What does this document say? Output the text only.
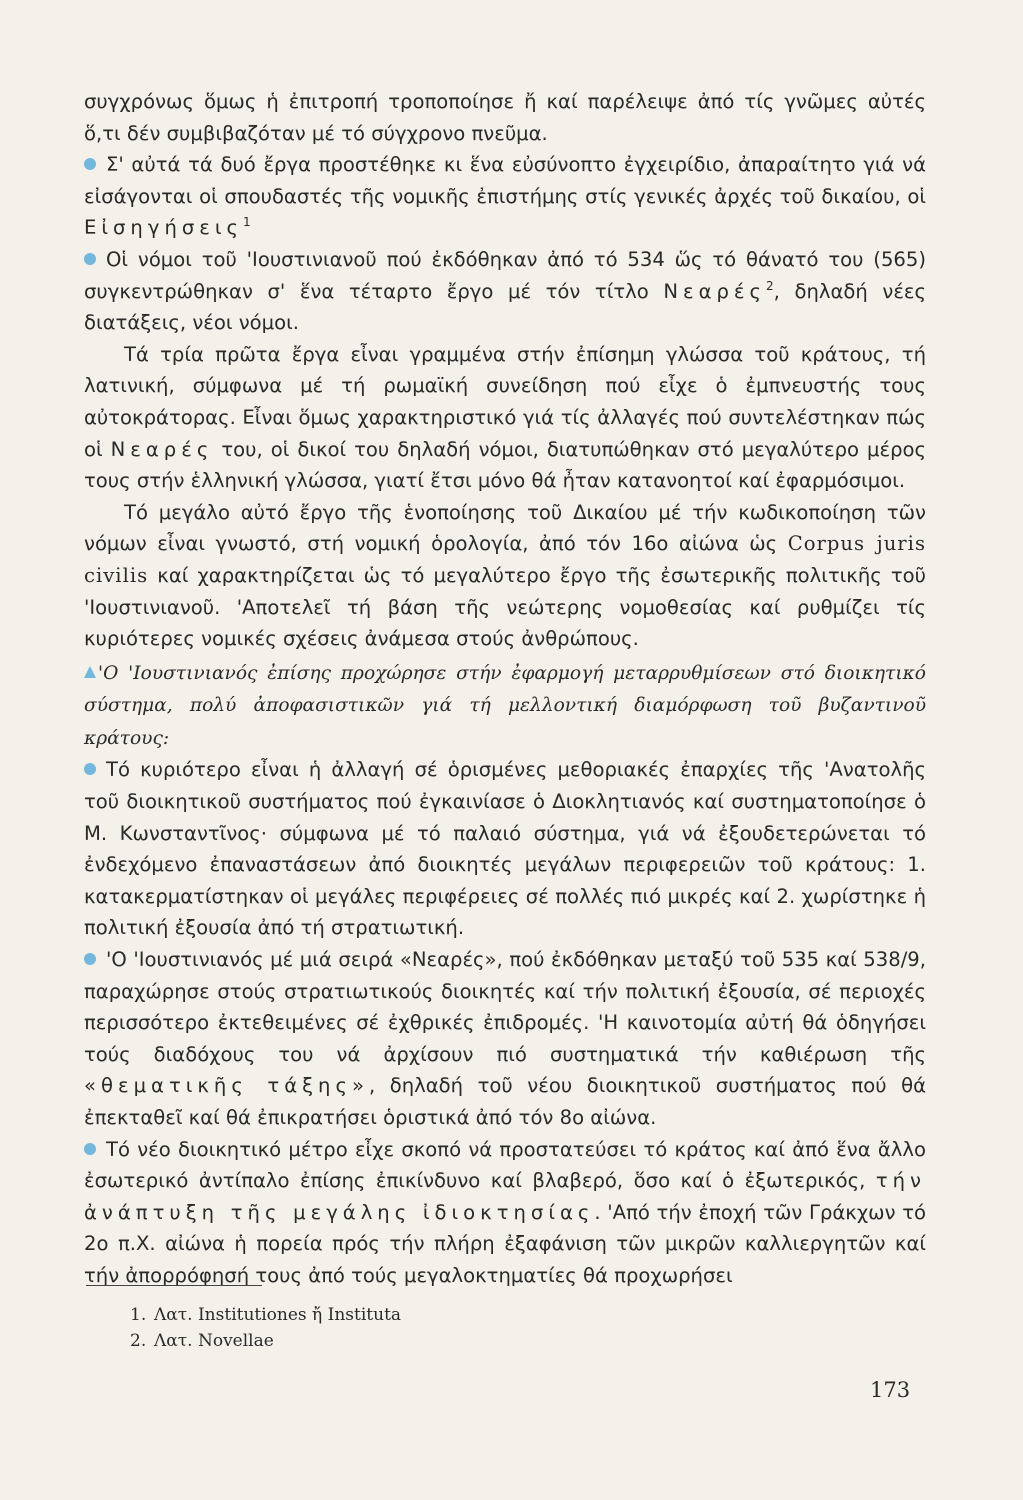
συγχρόνως ὅμως ἡ ἐπιτροπή τροποποίησε ἤ καί παρέλειψε ἀπό τίς γνῶμες αὐτές ὅ,τι δέν συμβιβαζόταν μέ τό σύγχρονο πνεῦμα.

Σ' αὐτά τά δυό ἔργα προστέθηκε κι ἕνα εὐσύνοπτο ἐγχειρίδιο, ἀπαραίτητο γιά νά εἰσάγονται οἱ σπουδαστές τῆς νομικῆς ἐπιστήμης στίς γενικές ἀρχές τοῦ δικαίου, οἱ Εἰσηγήσεις$^1$

Οἱ νόμοι τοῦ 'Ιουστινιανοῦ πού ἐκδόθηκαν ἀπό τό 534 ὥς τό θάνατό του (565) συγκεντρώθηκαν σ' ἕνα τέταρτο ἔργο μέ τόν τίτλο Νεαρές$^2$, δηλαδή νέες διατάξεις, νέοι νόμοι.

Τά τρία πρῶτα ἔργα εἶναι γραμμένα στήν ἐπίσημη γλώσσα τοῦ κράτους, τή λατινική, σύμφωνα μέ τή ρωμαϊκή συνείδηση πού εἶχε ὁ ἐμπνευστής τους αὐτοκράτορας. Εἶναι ὅμως χαρακτηριστικό γιά τίς ἀλλαγές πού συντελέστηκαν πώς οἱ Νεαρές του, οἱ δικοί του δηλαδή νόμοι, διατυπώθηκαν στό μεγαλύτερο μέρος τους στήν ἑλληνική γλώσσα, γιατί ἔτσι μόνο θά ἦταν κατανοητοί καί ἐφαρμόσιμοι.

Τό μεγάλο αὐτό ἔργο τῆς ἑνοποίησης τοῦ Δικαίου μέ τήν κωδικοποίηση τῶν νόμων εἶναι γνωστό, στή νομική ὁρολογία, ἀπό τόν 16ο αἰώνα ὡς Corpus juris civilis καί χαρακτηρίζεται ὡς τό μεγαλύτερο ἔργο τῆς ἐσωτερικῆς πολιτικῆς τοῦ 'Ιουστινιανοῦ. 'Αποτελεῖ τή βάση τῆς νεώτερης νομοθεσίας καί ρυθμίζει τίς κυριότερες νομικές σχέσεις ἀνάμεσα στούς ἀνθρώπους.

'Ο 'Ιουστινιανός ἐπίσης προχώρησε στήν ἐφαρμογή μεταρρυθμίσεων στό διοικητικό σύστημα, πολύ ἀποφασιστικῶν γιά τή μελλοντική διαμόρφωση τοῦ βυζαντινοῦ κράτους:

Τό κυριότερο εἶναι ἡ ἀλλαγή σέ ὁρισμένες μεθοριακές ἐπαρχίες τῆς 'Ανατολῆς τοῦ διοικητικοῦ συστήματος πού ἐγκαινίασε ὁ Διοκλητιανός καί συστηματοποίησε ὁ Μ. Κωνσταντῖνος· σύμφωνα μέ τό παλαιό σύστημα, γιά νά ἐξουδετερώνεται τό ἐνδεχόμενο ἐπαναστάσεων ἀπό διοικητές μεγάλων περιφερειῶν τοῦ κράτους: 1. κατακερματίστηκαν οἱ μεγάλες περιφέρειες σέ πολλές πιό μικρές καί 2. χωρίστηκε ἡ πολιτική ἐξουσία ἀπό τή στρατιωτική.

'Ο 'Ιουστινιανός μέ μιά σειρά «Νεαρές», πού ἐκδόθηκαν μεταξύ τοῦ 535 καί 538/9, παραχώρησε στούς στρατιωτικούς διοικητές καί τήν πολιτική ἐξουσία, σέ περιοχές περισσότερο ἐκτεθειμένες σέ ἐχθρικές ἐπιδρομές. 'Η καινοτομία αὐτή θά ὁδηγήσει τούς διαδόχους του νά ἀρχίσουν πιό συστηματικά τήν καθιέρωση τῆς «θεματικῆς τάξης», δηλαδή τοῦ νέου διοικητικοῦ συστήματος πού θά ἐπεκταθεῖ καί θά ἐπικρατήσει ὁριστικά ἀπό τόν 8ο αἰώνα.

Τό νέο διοικητικό μέτρο εἶχε σκοπό νά προστατεύσει τό κράτος καί ἀπό ἕνα ἄλλο ἐσωτερικό ἀντίπαλο ἐπίσης ἐπικίνδυνο καί βλαβερό, ὅσο καί ὁ ἐξωτερικός, τήν ἀνάπτυξη τῆς μεγάλης ἰδιοκτησίας. 'Από τήν ἐποχή τῶν Γράκχων τό 2ο π.Χ. αἰώνα ἡ πορεία πρός τήν πλήρη ἐξαφάνιση τῶν μικρῶν καλλιεργητῶν καί τήν ἀπορρόφησή τους ἀπό τούς μεγαλοκτηματίες θά προχωρήσει

1. Λατ. Institutiones ἤ Instituta
2. Λατ. Novellae
173
